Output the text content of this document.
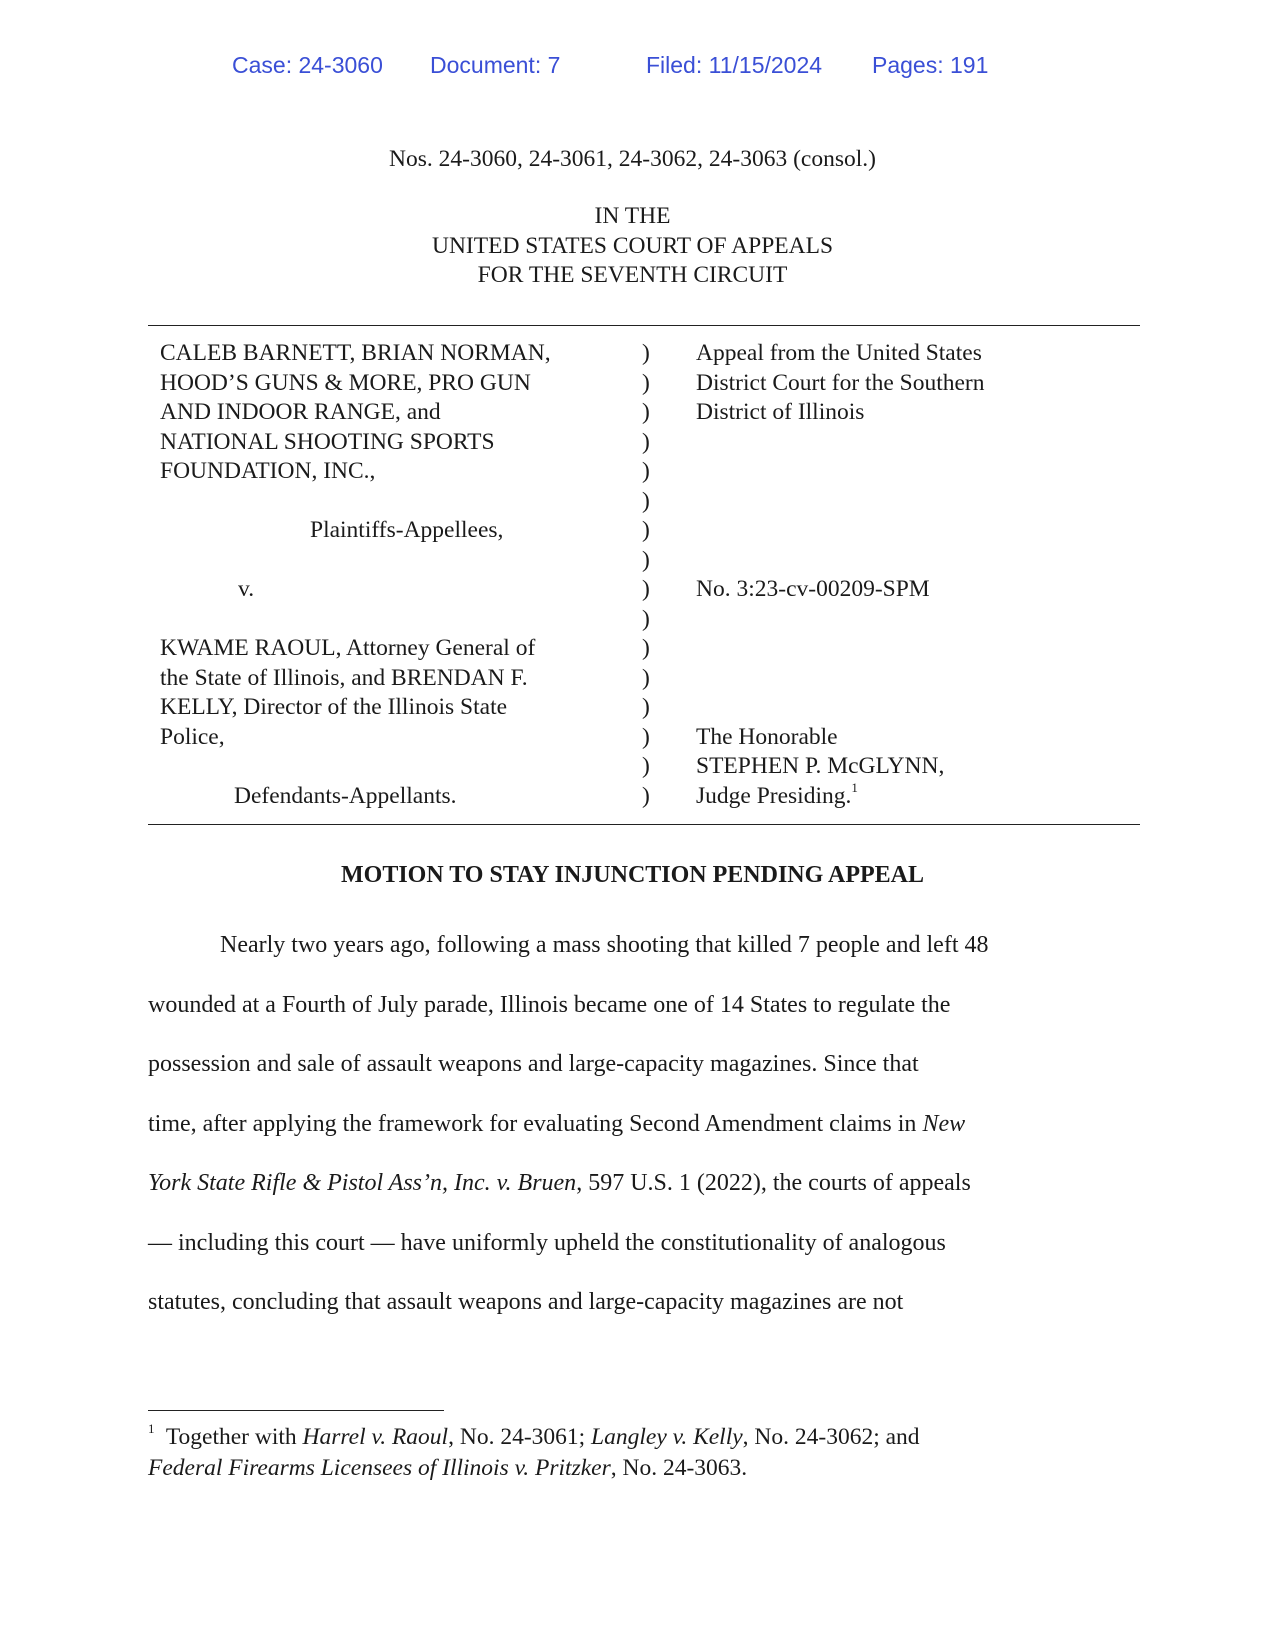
Case: 24-3060 Document: 7	Filed: 11/15/2024 Pages: 191
Nos. 24-3060, 24-3061, 24-3062, 24-3063 (consol.)
IN THE
UNITED STATES COURT OF APPEALS
FOR THE SEVENTH CIRCUIT
CALEB BARNETT, BRIAN NORMAN,
HOOD’S GUNS & MORE, PRO GUN
AND INDOOR RANGE, and
NATIONAL SHOOTING SPORTS
FOUNDATION, INC.,
Plaintiffs-Appellees,
v.
KWAME RAOUL, Attorney General of
the State of Illinois, and BRENDAN F.
KELLY, Director of the Illinois State
Police,
Defendants-Appellants.
)
)
)
)
)
)
)
)
)
)
)
)
)
)
)
)
Appeal from the United States
District Court for the Southern
District of Illinois
No. 3:23-cv-00209-SPM
The Honorable
STEPHEN P. McGLYNN,
Judge Presiding.$^1$
MOTION TO STAY INJUNCTION PENDING APPEAL
Nearly two years ago, following a mass shooting that killed 7 people and left 48
wounded at a Fourth of July parade, Illinois became one of 14 States to regulate the
possession and sale of assault weapons and large-capacity magazines. Since that
time, after applying the framework for evaluating Second Amendment claims in New
York State Rifle & Pistol Ass’n, Inc. v. Bruen, 597 U.S. 1 (2022), the courts of appeals
— including this court — have uniformly upheld the constitutionality of analogous
statutes, concluding that assault weapons and large-capacity magazines are not
$^1$ Together with Harrel v. Raoul, No. 24-3061; Langley v. Kelly, No. 24-3062; and
Federal Firearms Licensees of Illinois v. Pritzker, No. 24-3063.
